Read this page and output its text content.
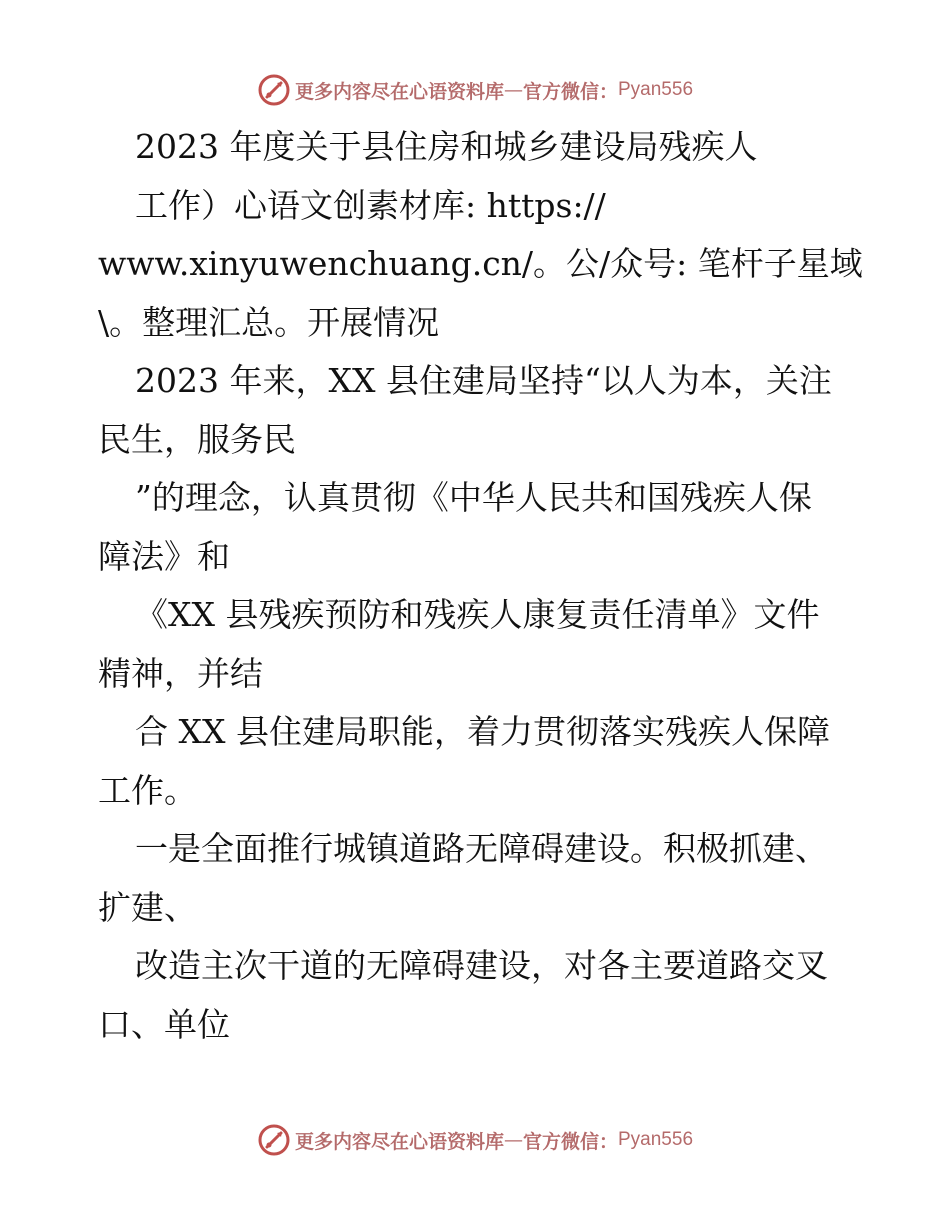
更多内容尽在心语资料库 — 官方微信： Pyan556
2023 年度关于县住房和城乡建设局残疾人
工作）心语文创素材库: https://
www.xinyuwenchuang.cn/。公/众号: 笔杆子星域
\。整理汇总。开展情况
2023 年来，XX 县住建局坚持“以人为本，关注
民生，服务民
”的理念，认真贯彻《中华人民共和国残疾人保
障法》和
《XX 县残疾预防和残疾人康复责任清单》文件
精神，并结
合 XX 县住建局职能，着力贯彻落实残疾人保障
工作。
一是全面推行城镇道路无障碍建设。积极抓建、
扩建、
改造主次干道的无障碍建设，对各主要道路交叉
口、单位
更多内容尽在心语资料库 — 官方微信： Pyan556
